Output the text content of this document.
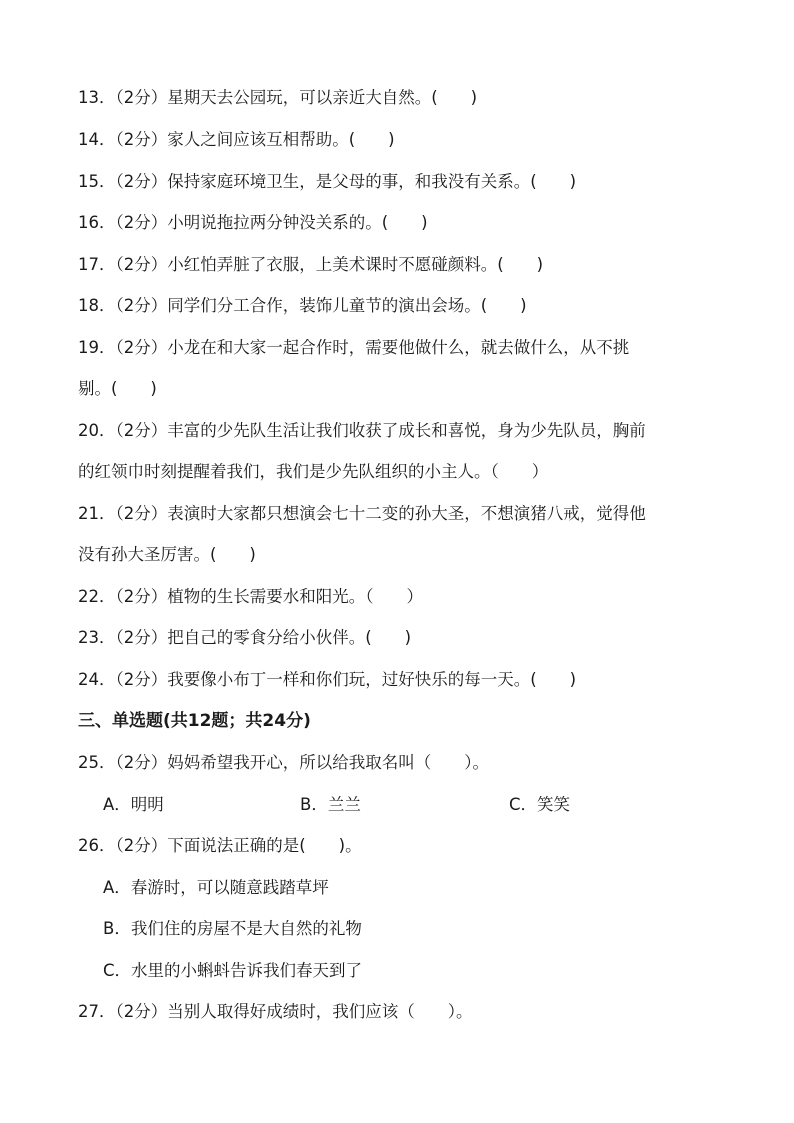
13．（2分）星期天去公园玩，可以亲近大自然。(　　)
14．（2分）家人之间应该互相帮助。(　　)
15．（2分）保持家庭环境卫生，是父母的事，和我没有关系。(　　)
16．（2分）小明说拖拉两分钟没关系的。(　　)
17．（2分）小红怕弄脏了衣服，上美术课时不愿碰颜料。(　　)
18．（2分）同学们分工合作，装饰儿童节的演出会场。(　　)
19．（2分）小龙在和大家一起合作时，需要他做什么，就去做什么，从不挑
剔。(　　)
20．（2分）丰富的少先队生活让我们收获了成长和喜悦，身为少先队员，胸前
的红领巾时刻提醒着我们，我们是少先队组织的小主人。（　　）
21．（2分）表演时大家都只想演会七十二变的孙大圣，不想演猪八戒，觉得他
没有孙大圣厉害。(　　)
22．（2分）植物的生长需要水和阳光。（　　）
23．（2分）把自己的零食分给小伙伴。(　　)
24．（2分）我要像小布丁一样和你们玩，过好快乐的每一天。(　　)
三、单选题(共12题；共24分)
25．（2分）妈妈希望我开心，所以给我取名叫（　　）。
A．明明	B．兰兰	C．笑笑
26．（2分）下面说法正确的是(　　)。
A．春游时，可以随意践踏草坪
B．我们住的房屋不是大自然的礼物
C．水里的小蝌蚪告诉我们春天到了
27．（2分）当别人取得好成绩时，我们应该（　　）。
